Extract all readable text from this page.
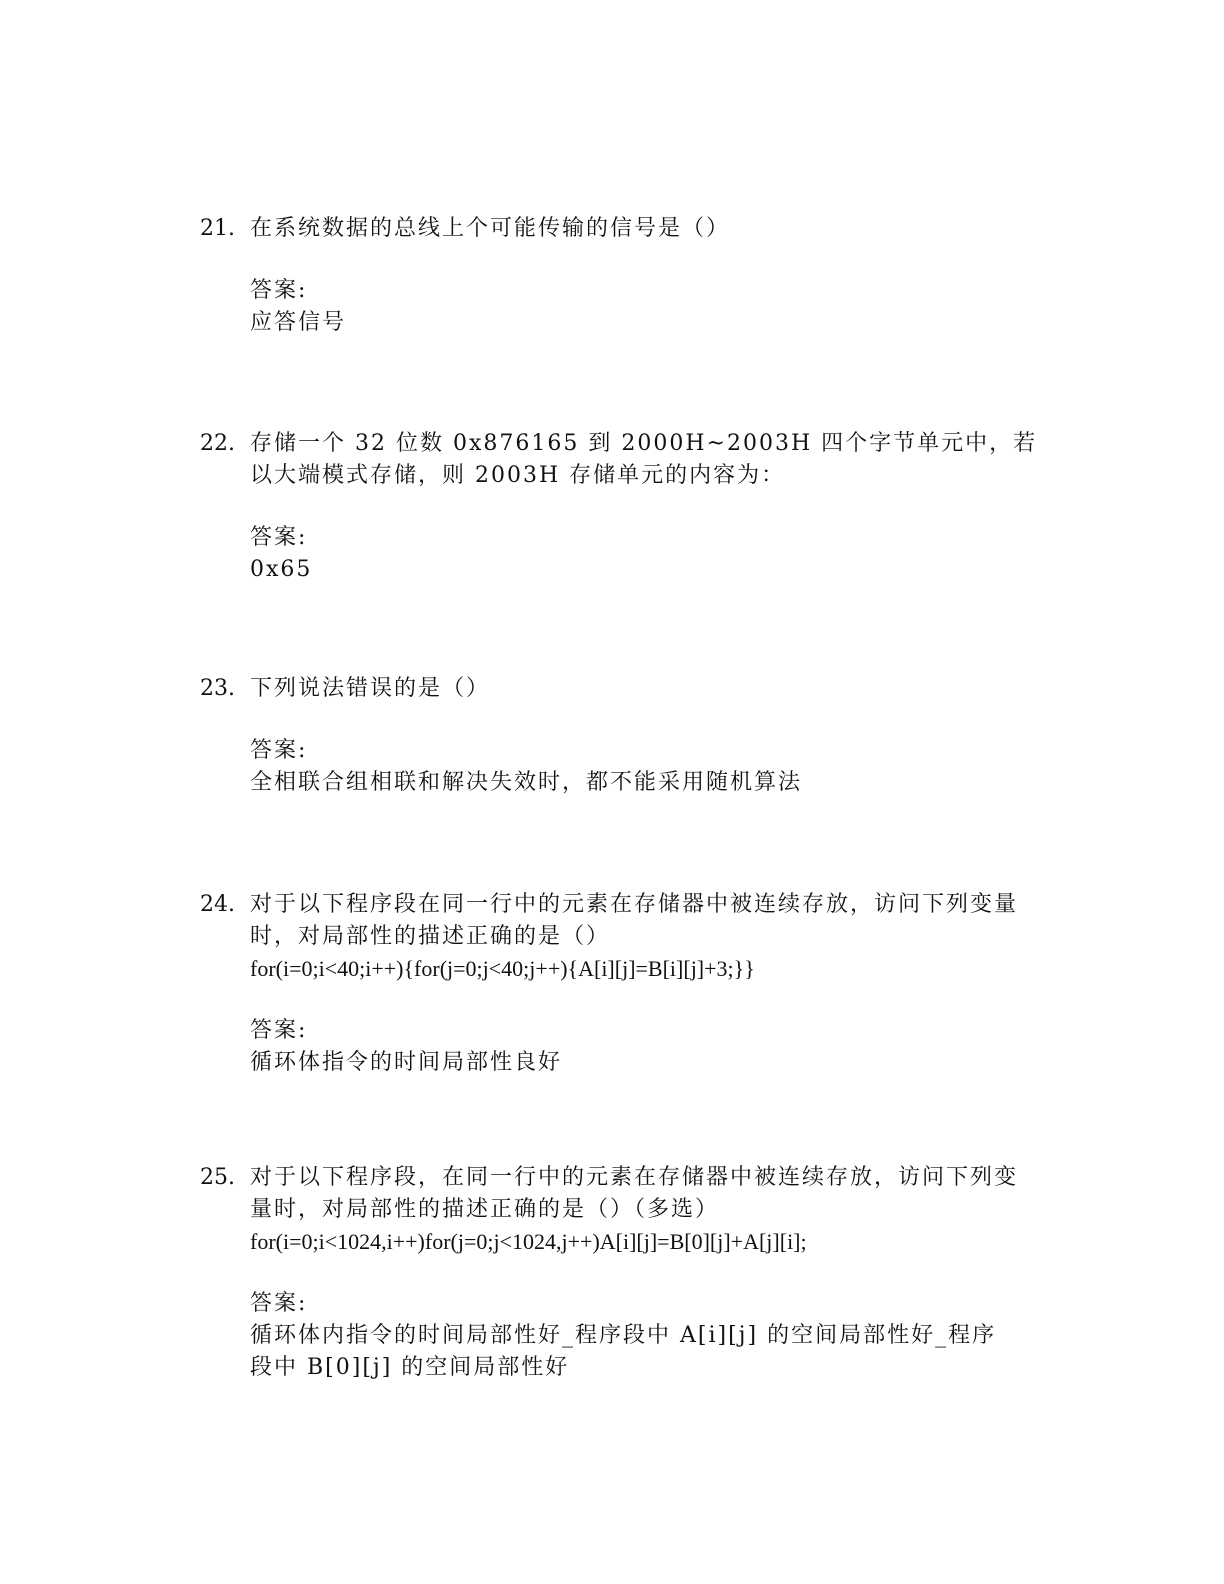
21. 在系统数据的总线上个可能传输的信号是（）
答案:
应答信号
22. 存储一个 32 位数 0x876165 到 2000H~2003H 四个字节单元中，若以大端模式存储，则 2003H 存储单元的内容为：
答案:
0x65
23. 下列说法错误的是（）
答案:
全相联合组相联和解决失效时，都不能采用随机算法
24. 对于以下程序段在同一行中的元素在存储器中被连续存放，访问下列变量时，对局部性的描述正确的是（）
for(i=0;i<40;i++){for(j=0;j<40;j++){A[i][j]=B[i][j]+3;}}
答案:
循环体指令的时间局部性良好
25. 对于以下程序段，在同一行中的元素在存储器中被连续存放，访问下列变量时，对局部性的描述正确的是（）（多选）
for(i=0;i<1024,i++)for(j=0;j<1024,j++)A[i][j]=B[0][j]+A[j][i];
答案:
循环体内指令的时间局部性好_程序段中 A[i][j] 的空间局部性好_程序段中 B[0][j] 的空间局部性好
